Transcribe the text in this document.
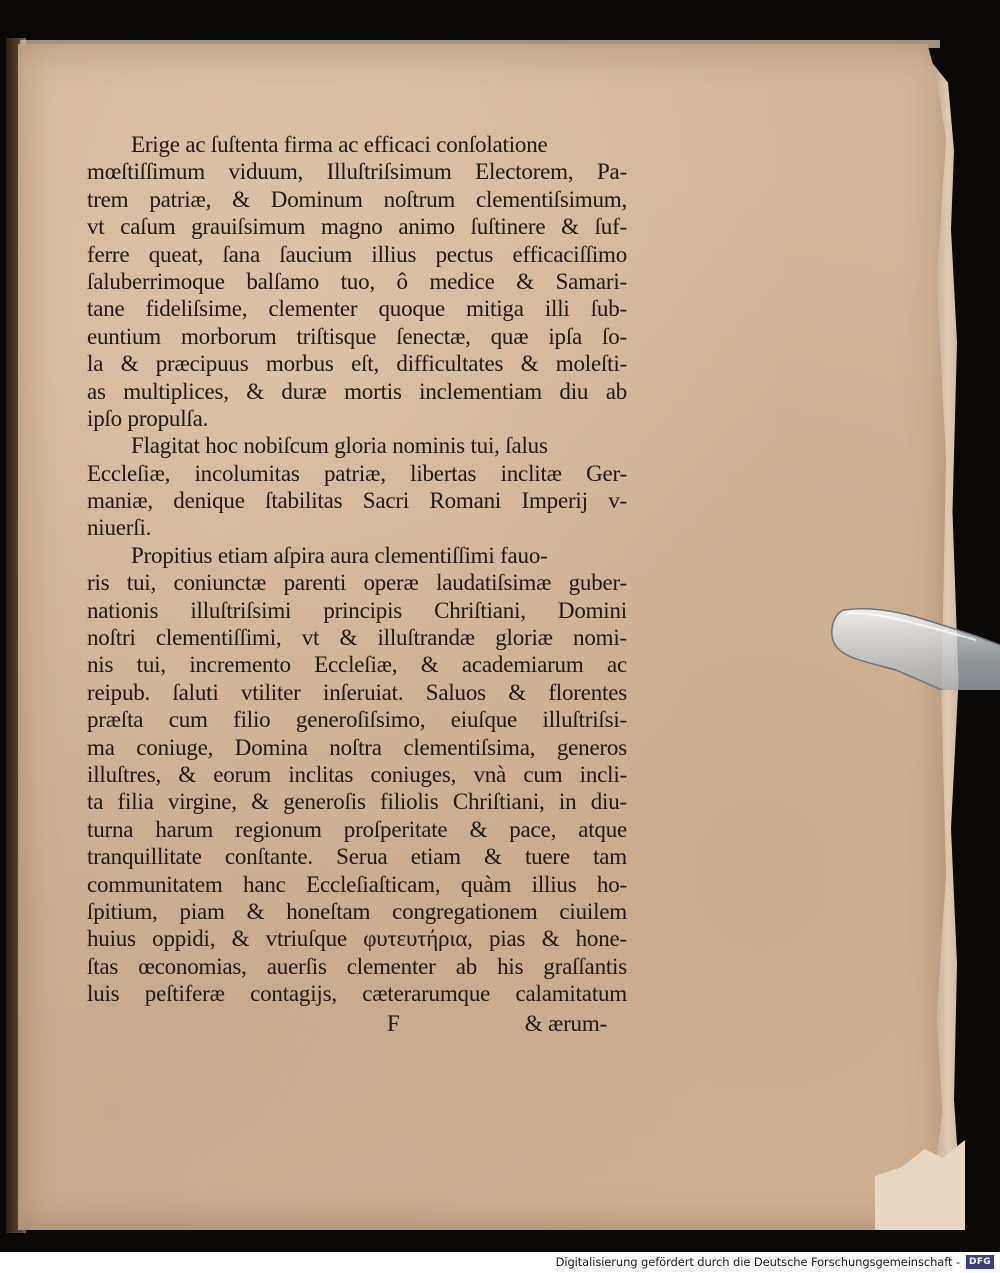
Erige ac ſuſtenta firma ac efficaci conſolatione
mœſtiſſimum viduum, Illuſtriſsimum Electorem, Pa-
trem patriæ, & Dominum noſtrum clementiſsimum,
vt caſum grauiſsimum magno animo ſuſtinere & ſuf-
ferre queat, ſana ſaucium illius pectus efficaciſſimo
ſaluberrimoque balſamo tuo, ô medice & Samari-
tane fideliſsime, clementer quoque mitiga illi ſub-
euntium morborum triſtisque ſenectæ, quæ ipſa ſo-
la & præcipuus morbus eſt, difficultates & moleſti-
as multiplices, & duræ mortis inclementiam diu ab
ipſo propulſa.
Flagitat hoc nobiſcum gloria nominis tui, ſalus
Eccleſiæ, incolumitas patriæ, libertas inclitæ Ger-
maniæ, denique ſtabilitas Sacri Romani Imperij v-
niuerſi.
Propitius etiam aſpira aura clementiſſimi fauo-
ris tui, coniunctæ parenti operæ laudatiſsimæ guber-
nationis illuſtriſsimi principis Chriſtiani, Domini
noſtri clementiſſimi, vt & illuſtrandæ gloriæ nomi-
nis tui, incremento Eccleſiæ, & academiarum ac
reipub. ſaluti vtiliter inſeruiat. Saluos & florentes
præſta cum filio generoſiſsimo, eiuſque illuſtriſsi-
ma coniuge, Domina noſtra clementiſsima, generos
illuſtres, & eorum inclitas coniuges, vnà cum incli-
ta filia virgine, & generoſis filiolis Chriſtiani, in diu-
turna harum regionum proſperitate & pace, atque
tranquillitate conſtante. Serua etiam & tuere tam
communitatem hanc Eccleſiaſticam, quàm illius ho-
ſpitium, piam & honeſtam congregationem ciuilem
huius oppidi, & vtriuſque φυτευτήρια, pias & hone-
ſtas œconomias, auerſis clementer ab his graſſantis
luis peſtiferæ contagijs, cæterarumque calamitatum
F	& ærum-
Digitalisierung gefördert durch die Deutsche Forschungsgemeinschaft -	DFG
